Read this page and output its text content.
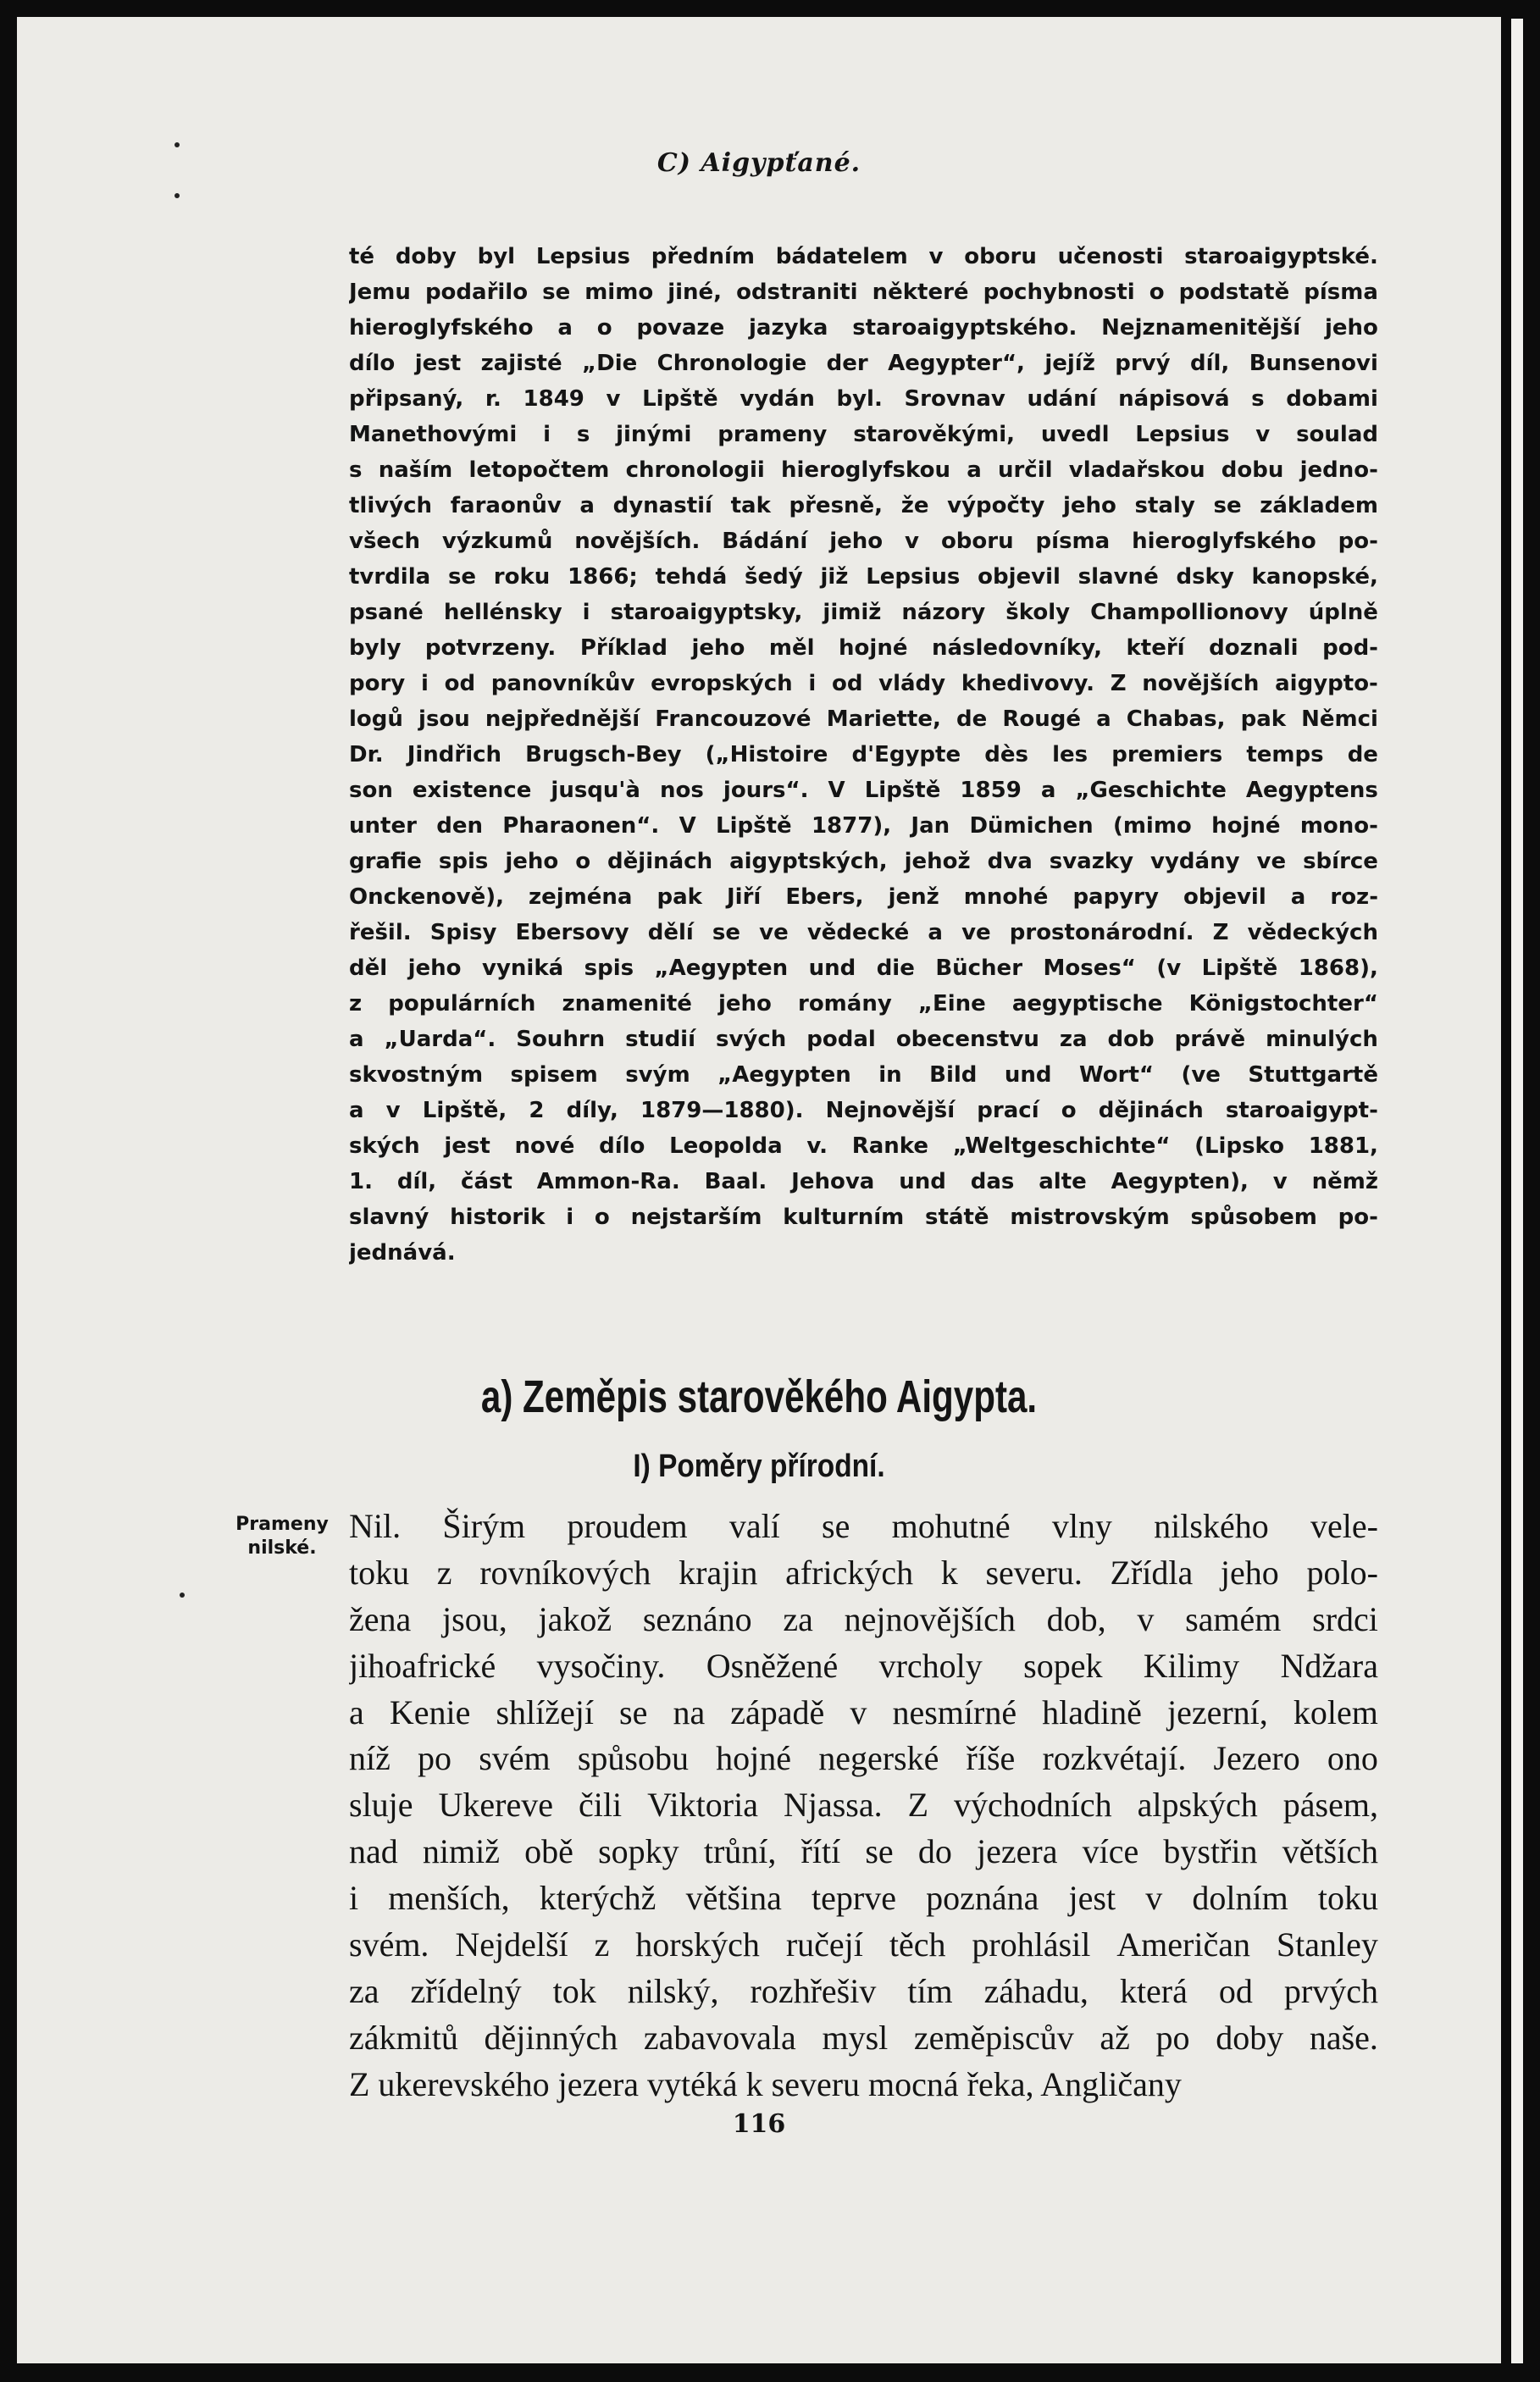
C) Aigypťané.
té doby byl Lepsius předním bádatelem v oboru učenosti staroaigyptské.
Jemu podařilo se mimo jiné, odstraniti některé pochybnosti o podstatě písma
hieroglyfského a o povaze jazyka staroaigyptského. Nejznamenitější jeho
dílo jest zajisté „Die Chronologie der Aegypter“, jejíž prvý díl, Bunsenovi
připsaný, r. 1849 v Lipště vydán byl. Srovnav udání nápisová s dobami
Manethovými i s jinými prameny starověkými, uvedl Lepsius v soulad
s naším letopočtem chronologii hieroglyfskou a určil vladařskou dobu jedno-
tlivých faraonův a dynastií tak přesně, že výpočty jeho staly se základem
všech výzkumů novějších. Bádání jeho v oboru písma hieroglyfského po-
tvrdila se roku 1866; tehdá šedý již Lepsius objevil slavné dsky kanopské,
psané hellénsky i staroaigyptsky, jimiž názory školy Champollionovy úplně
byly potvrzeny. Příklad jeho měl hojné následovníky, kteří doznali pod-
pory i od panovníkův evropských i od vlády khedivovy. Z novějších aigypto-
logů jsou nejpřednější Francouzové Mariette, de Rougé a Chabas, pak Němci
Dr. Jindřich Brugsch-Bey („Histoire d'Egypte dès les premiers temps de
son existence jusqu'à nos jours“. V Lipště 1859 a „Geschichte Aegyptens
unter den Pharaonen“. V Lipště 1877), Jan Dümichen (mimo hojné mono-
grafie spis jeho o dějinách aigyptských, jehož dva svazky vydány ve sbírce
Onckenově), zejména pak Jiří Ebers, jenž mnohé papyry objevil a roz-
řešil. Spisy Ebersovy dělí se ve vědecké a ve prostonárodní. Z vědeckých
děl jeho vyniká spis „Aegypten und die Bücher Moses“ (v Lipště 1868),
z populárních znamenité jeho romány „Eine aegyptische Königstochter“
a „Uarda“. Souhrn studií svých podal obecenstvu za dob právě minulých
skvostným spisem svým „Aegypten in Bild und Wort“ (ve Stuttgartě
a v Lipště, 2 díly, 1879—1880). Nejnovější prací o dějinách staroaigypt-
ských jest nové dílo Leopolda v. Ranke „Weltgeschichte“ (Lipsko 1881,
1. díl, část Ammon-Ra. Baal. Jehova und das alte Aegypten), v němž
slavný historik i o nejstarším kulturním státě mistrovským spůsobem po-
jednává.
a) Zeměpis starověkého Aigypta.
I) Poměry přírodní.
Prameny
nilské.
Nil. Širým proudem valí se mohutné vlny nilského vele-
toku z rovníkových krajin afrických k severu. Zřídla jeho polo-
žena jsou, jakož seznáno za nejnovějších dob, v samém srdci
jihoafrické vysočiny. Osněžené vrcholy sopek Kilimy Ndžara
a Kenie shlížejí se na západě v nesmírné hladině jezerní, kolem
níž po svém spůsobu hojné negerské říše rozkvétají. Jezero ono
sluje Ukereve čili Viktoria Njassa. Z východních alpských pásem,
nad nimiž obě sopky trůní, řítí se do jezera více bystřin větších
i menších, kterýchž většina teprve poznána jest v dolním toku
svém. Nejdelší z horských ručejí těch prohlásil Američan Stanley
za zřídelný tok nilský, rozhřešiv tím záhadu, která od prvých
zákmitů dějinných zabavovala mysl zeměpiscův až po doby naše.
Z ukerevského jezera vytéká k severu mocná řeka, Angličany
116
